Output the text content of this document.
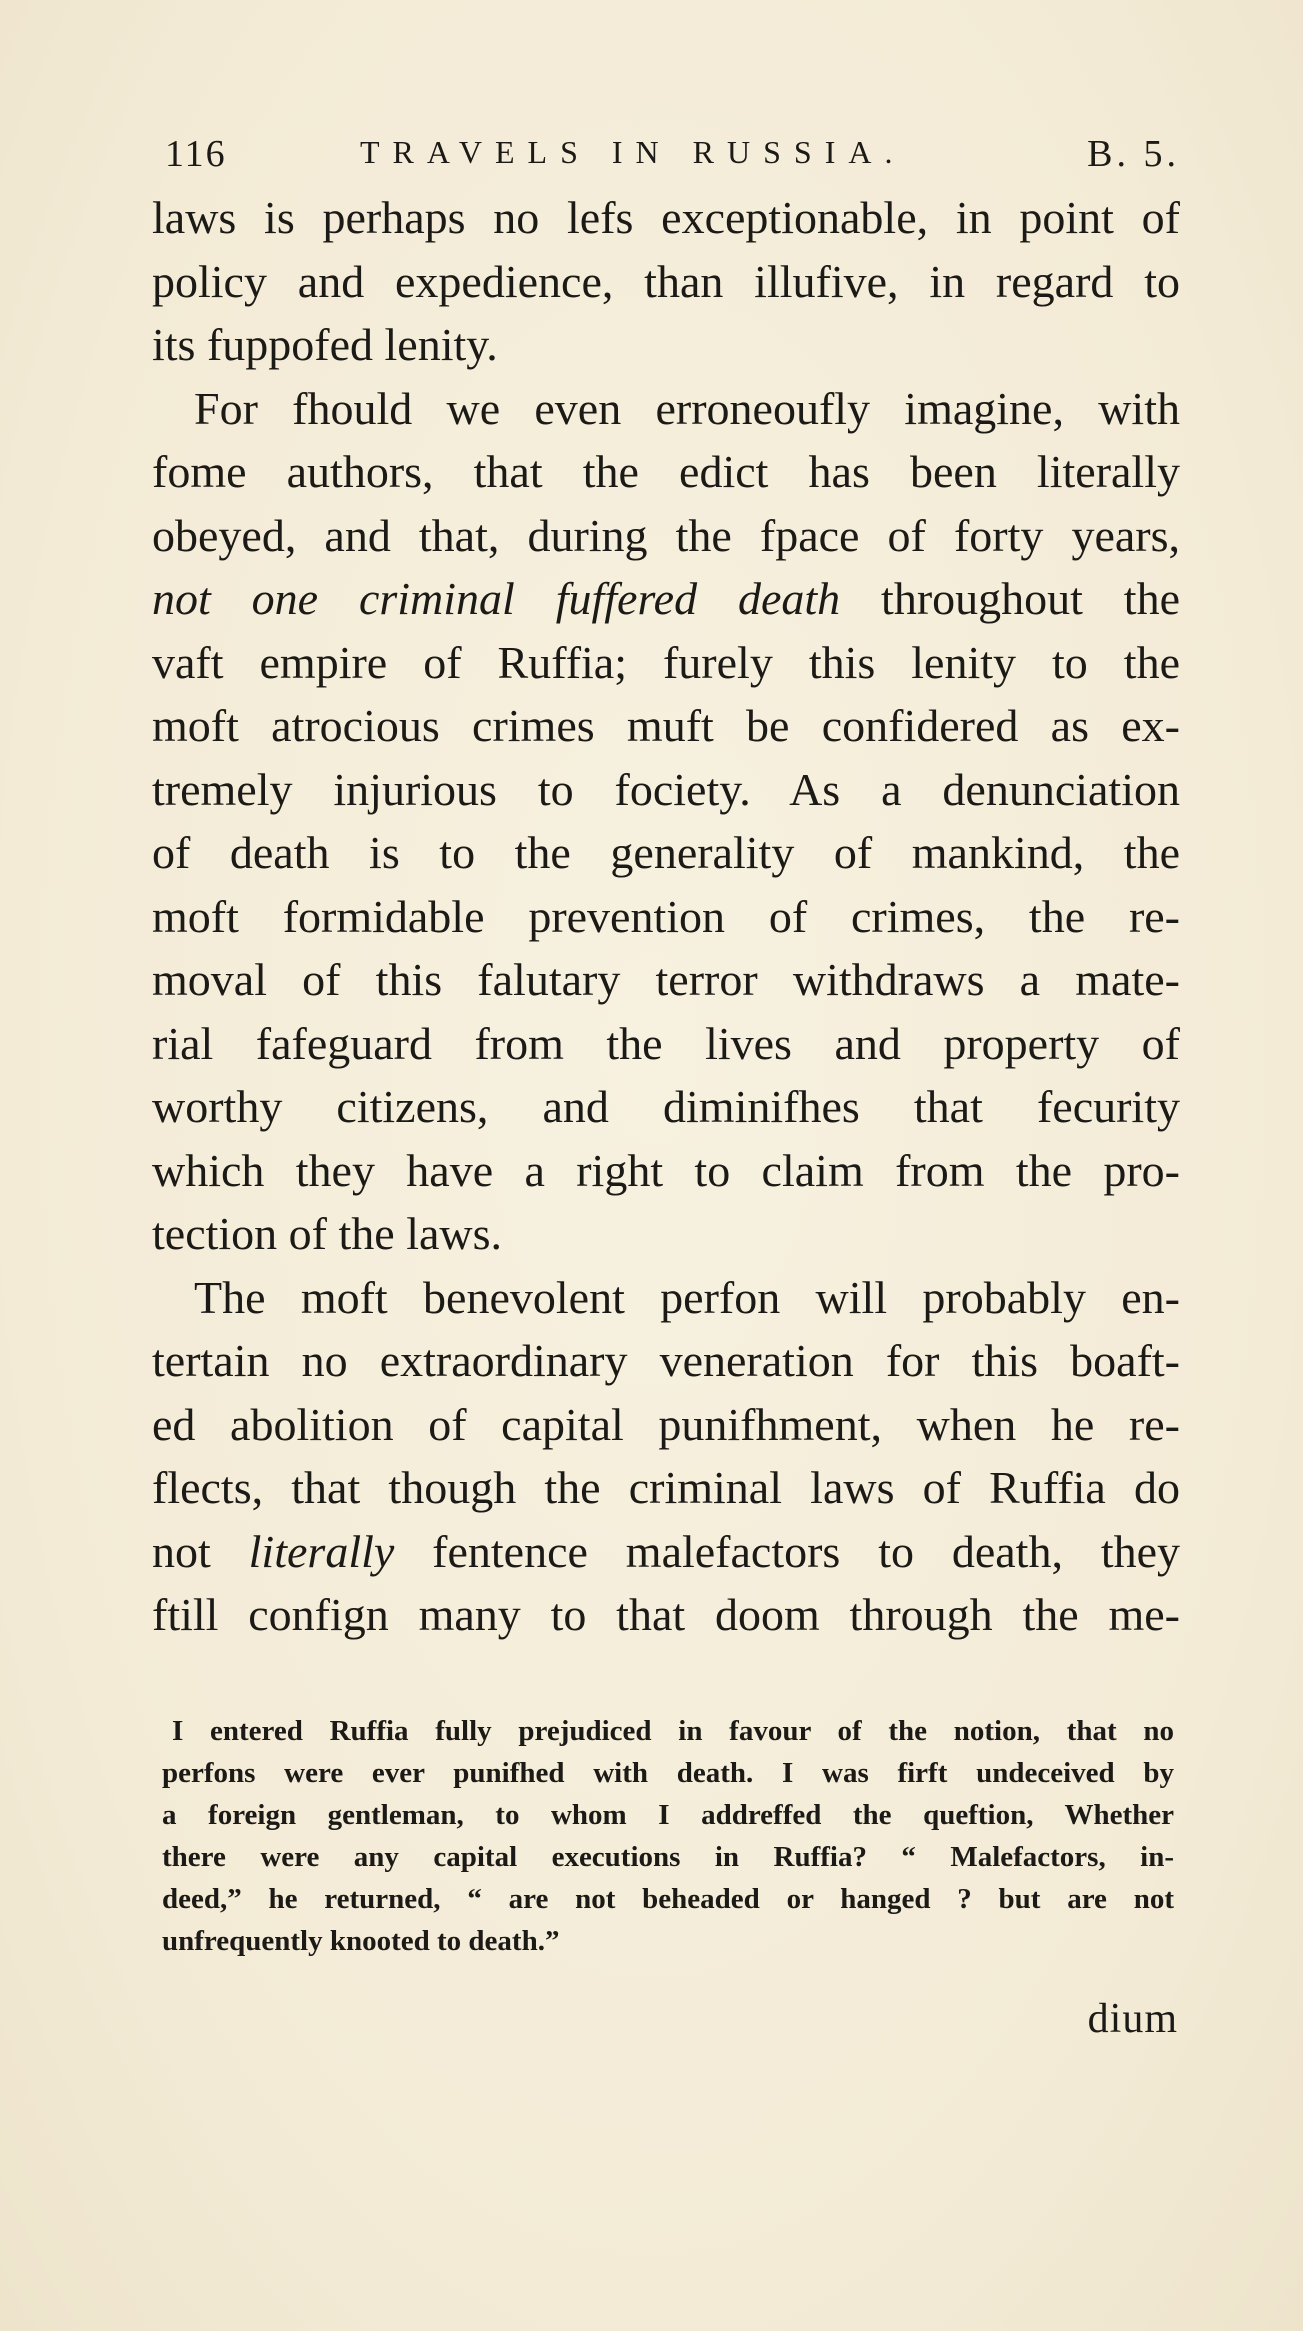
116	TRAVELS IN RUSSIA.	B. 5.
laws is perhaps no lefs exceptionable, in point of
policy and expedience, than illufive, in regard to
its fuppofed lenity.
For fhould we even erroneoufly imagine, with
fome authors, that the edict has been literally
obeyed, and that, during the fpace of forty years,
not one criminal fuffered death throughout the
vaft empire of Ruffia; furely this lenity to the
moft atrocious crimes muft be confidered as ex-
tremely injurious to fociety. As a denunciation
of death is to the generality of mankind, the
moft formidable prevention of crimes, the re-
moval of this falutary terror withdraws a mate-
rial fafeguard from the lives and property of
worthy citizens, and diminifhes that fecurity
which they have a right to claim from the pro-
tection of the laws.
The moft benevolent perfon will probably en-
tertain no extraordinary veneration for this boaft-
ed abolition of capital punifhment, when he re-
flects, that though the criminal laws of Ruffia do
not literally fentence malefactors to death, they
ftill confign many to that doom through the me-
I entered Ruffia fully prejudiced in favour of the notion, that no
perfons were ever punifhed with death. I was firft undeceived by
a foreign gentleman, to whom I addreffed the queftion, Whether
there were any capital executions in Ruffia? “ Malefactors, in-
deed,” he returned, “ are not beheaded or hanged ? but are not
unfrequently knooted to death.”
dium
